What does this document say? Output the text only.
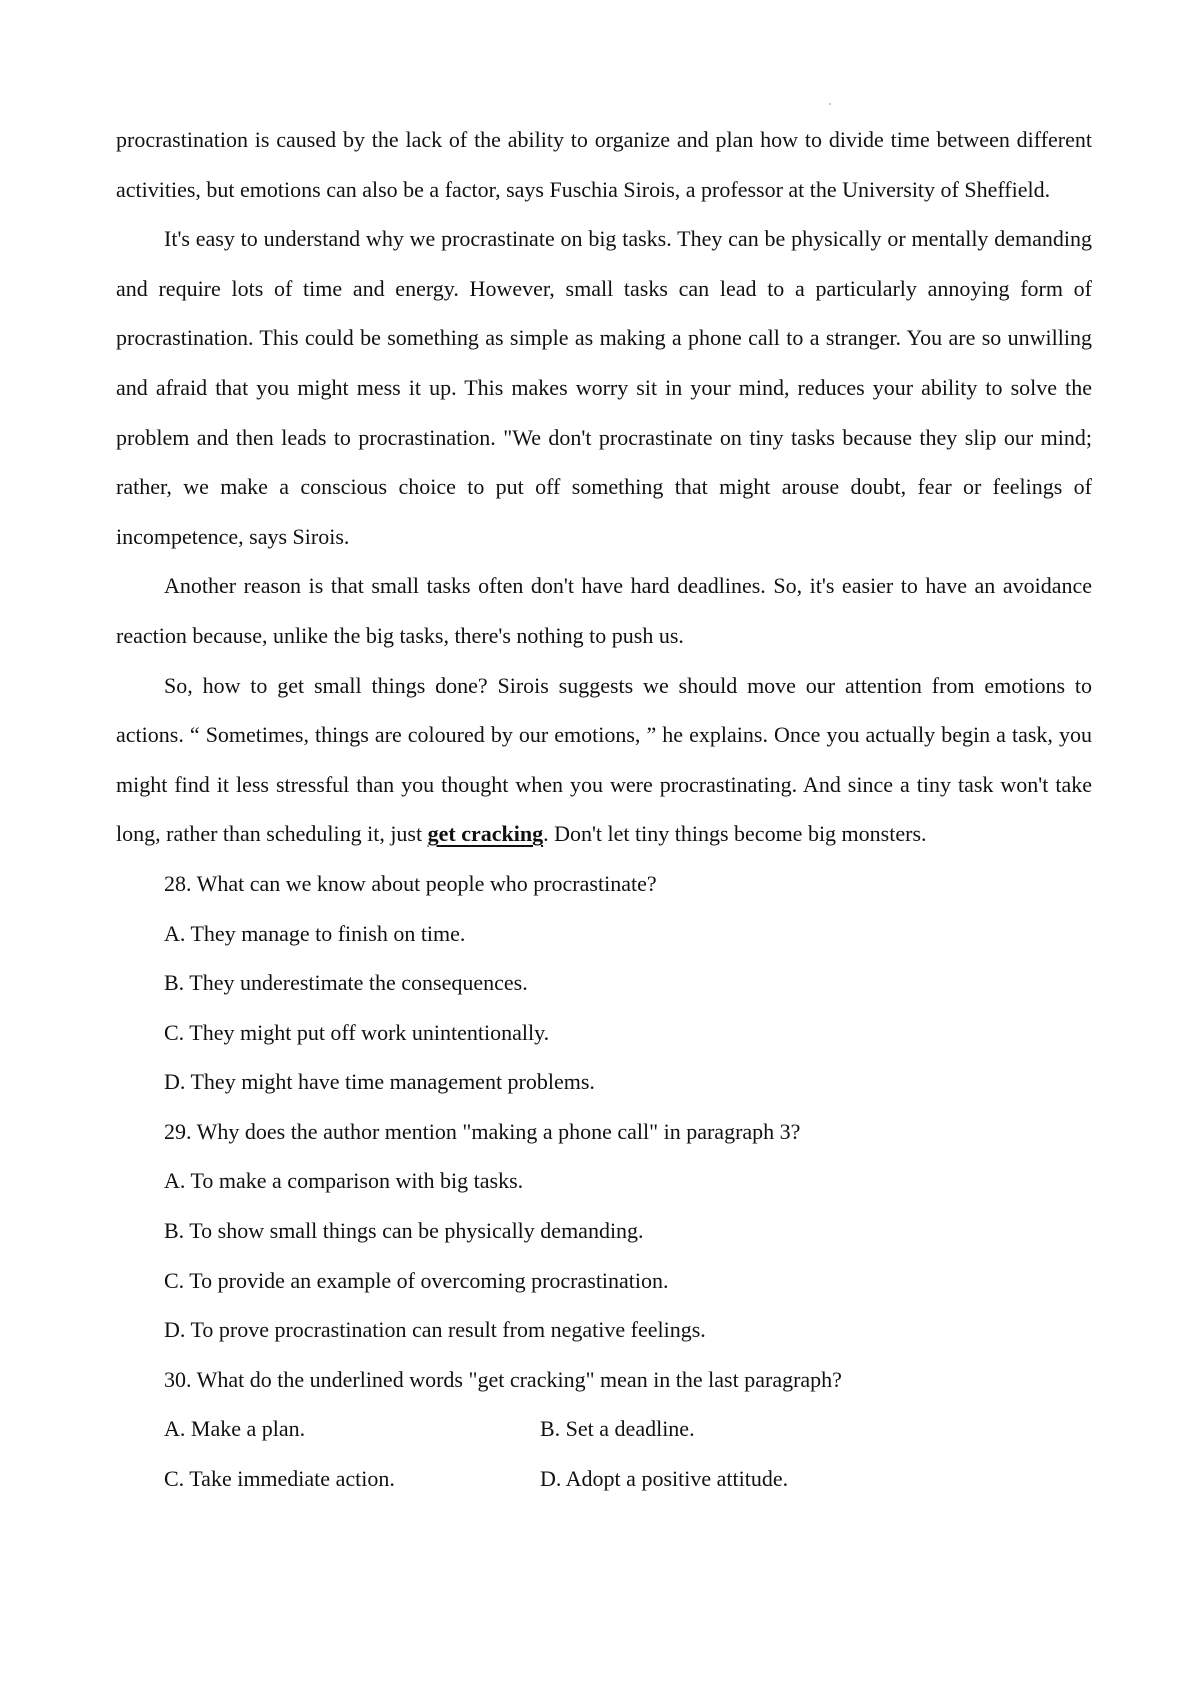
procrastination is caused by the lack of the ability to organize and plan how to divide time between different activities, but emotions can also be a factor, says Fuschia Sirois, a professor at the University of Sheffield.

It's easy to understand why we procrastinate on big tasks. They can be physically or mentally demanding and require lots of time and energy. However, small tasks can lead to a particularly annoying form of procrastination. This could be something as simple as making a phone call to a stranger. You are so unwilling and afraid that you might mess it up. This makes worry sit in your mind, reduces your ability to solve the problem and then leads to procrastination. "We don't procrastinate on tiny tasks because they slip our mind; rather, we make a conscious choice to put off something that might arouse doubt, fear or feelings of incompetence, says Sirois.

Another reason is that small tasks often don't have hard deadlines. So, it's easier to have an avoidance reaction because, unlike the big tasks, there's nothing to push us.

So, how to get small things done? Sirois suggests we should move our attention from emotions to actions. “ Sometimes, things are coloured by our emotions, ” he explains. Once you actually begin a task, you might find it less stressful than you thought when you were procrastinating. And since a tiny task won't take long, rather than scheduling it, just get cracking. Don't let tiny things become big monsters.

28. What can we know about people who procrastinate?

A. They manage to finish on time.

B. They underestimate the consequences.

C. They might put off work unintentionally.

D. They might have time management problems.

29. Why does the author mention "making a phone call" in paragraph 3?

A. To make a comparison with big tasks.

B. To show small things can be physically demanding.

C. To provide an example of overcoming procrastination.

D. To prove procrastination can result from negative feelings.

30. What do the underlined words "get cracking" mean in the last paragraph?

A. Make a plan.	B. Set a deadline.
C. Take immediate action.	D. Adopt a positive attitude.
